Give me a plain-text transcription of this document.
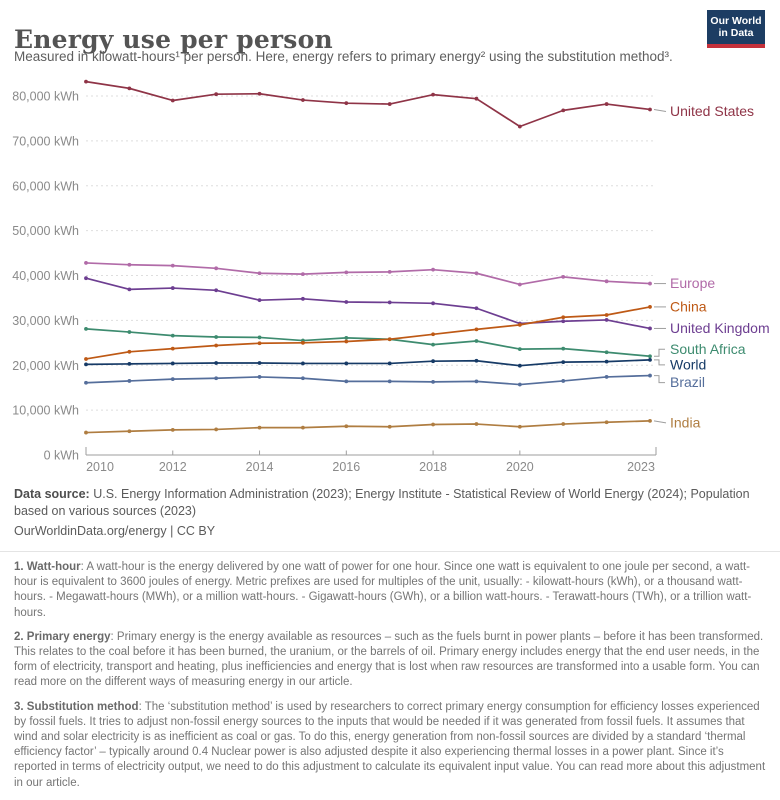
Energy use per person
Measured in kilowatt-hours¹ per person. Here, energy refers to primary energy² using the substitution method³.
Our World
in Data
0 kWh
10,000 kWh
20,000 kWh
30,000 kWh
40,000 kWh
50,000 kWh
60,000 kWh
70,000 kWh
80,000 kWh
2010	2012	2014	2016	2018	2020	2023
United States
Europe
China
United Kingdom
South Africa
World
Brazil
India
Data source: U.S. Energy Information Administration (2023); Energy Institute - Statistical Review of World Energy (2024); Population based on various sources (2023)
OurWorldinData.org/energy | CC BY

1. Watt-hour: A watt-hour is the energy delivered by one watt of power for one hour. Since one watt is equivalent to one joule per second, a watt-hour is equivalent to 3600 joules of energy. Metric prefixes are used for multiples of the unit, usually: - kilowatt-hours (kWh), or a thousand watt-hours. - Megawatt-hours (MWh), or a million watt-hours. - Gigawatt-hours (GWh), or a billion watt-hours. - Terawatt-hours (TWh), or a trillion watt-hours.

2. Primary energy: Primary energy is the energy available as resources – such as the fuels burnt in power plants – before it has been transformed. This relates to the coal before it has been burned, the uranium, or the barrels of oil. Primary energy includes energy that the end user needs, in the form of electricity, transport and heating, plus inefficiencies and energy that is lost when raw resources are transformed into a usable form. You can read more on the different ways of measuring energy in our article.

3. Substitution method: The ‘substitution method’ is used by researchers to correct primary energy consumption for efficiency losses experienced by fossil fuels. It tries to adjust non-fossil energy sources to the inputs that would be needed if it was generated from fossil fuels. It assumes that wind and solar electricity is as inefficient as coal or gas. To do this, energy generation from non-fossil sources are divided by a standard ‘thermal efficiency factor’ – typically around 0.4 Nuclear power is also adjusted despite it also experiencing thermal losses in a power plant. Since it’s reported in terms of electricity output, we need to do this adjustment to calculate its equivalent input value. You can read more about this adjustment in our article.
